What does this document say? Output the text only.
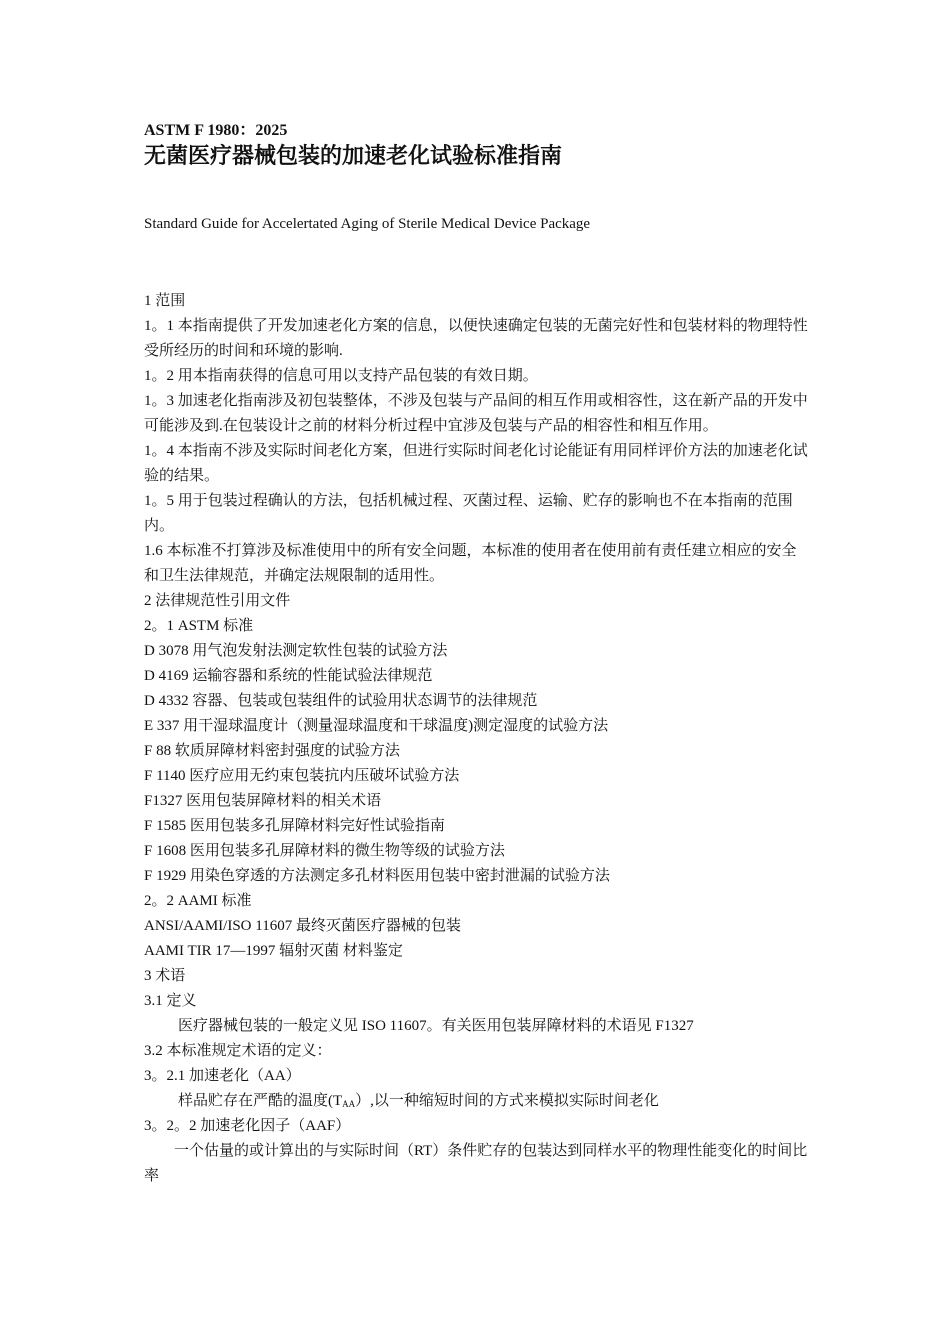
ASTM F 1980：2025
无菌医疗器械包装的加速老化试验标准指南
Standard Guide for Accelertated Aging of Sterile Medical Device Package

1 范围

1。1 本指南提供了开发加速老化方案的信息，以便快速确定包装的无菌完好性和包装材料的物理特性受所经历的时间和环境的影响.

1。2 用本指南获得的信息可用以支持产品包装的有效日期。

1。3 加速老化指南涉及初包装整体，不涉及包装与产品间的相互作用或相容性，这在新产品的开发中可能涉及到.在包装设计之前的材料分析过程中宜涉及包装与产品的相容性和相互作用。

1。4 本指南不涉及实际时间老化方案，但进行实际时间老化讨论能证有用同样评价方法的加速老化试验的结果。

1。5 用于包装过程确认的方法，包括机械过程、灭菌过程、运输、贮存的影响也不在本指南的范围内。

1.6 本标准不打算涉及标准使用中的所有安全问题，本标准的使用者在使用前有责任建立相应的安全和卫生法律规范，并确定法规限制的适用性。

2 法律规范性引用文件

2。1 ASTM 标准

D 3078 用气泡发射法测定软性包装的试验方法

D 4169 运输容器和系统的性能试验法律规范

D 4332 容器、包装或包装组件的试验用状态调节的法律规范

E 337 用干湿球温度计（测量湿球温度和干球温度)测定湿度的试验方法

F 88 软质屏障材料密封强度的试验方法

F 1140 医疗应用无约束包装抗内压破坏试验方法

F1327 医用包装屏障材料的相关术语

F 1585 医用包装多孔屏障材料完好性试验指南

F 1608 医用包装多孔屏障材料的微生物等级的试验方法

F 1929 用染色穿透的方法测定多孔材料医用包装中密封泄漏的试验方法

2。2 AAMI 标准

ANSI/AAMI/ISO 11607 最终灭菌医疗器械的包装

AAMI TIR 17—1997 辐射灭菌 材料鉴定

3 术语

3.1 定义

医疗器械包装的一般定义见 ISO 11607。有关医用包装屏障材料的术语见 F1327

3.2 本标准规定术语的定义：

3。2.1 加速老化（AA）

样品贮存在严酷的温度$(T_{AA})$,以一种缩短时间的方式来模拟实际时间老化

3。2。2 加速老化因子（AAF）

一个估量的或计算出的与实际时间（RT）条件贮存的包装达到同样水平的物理性能变化的时间比率
